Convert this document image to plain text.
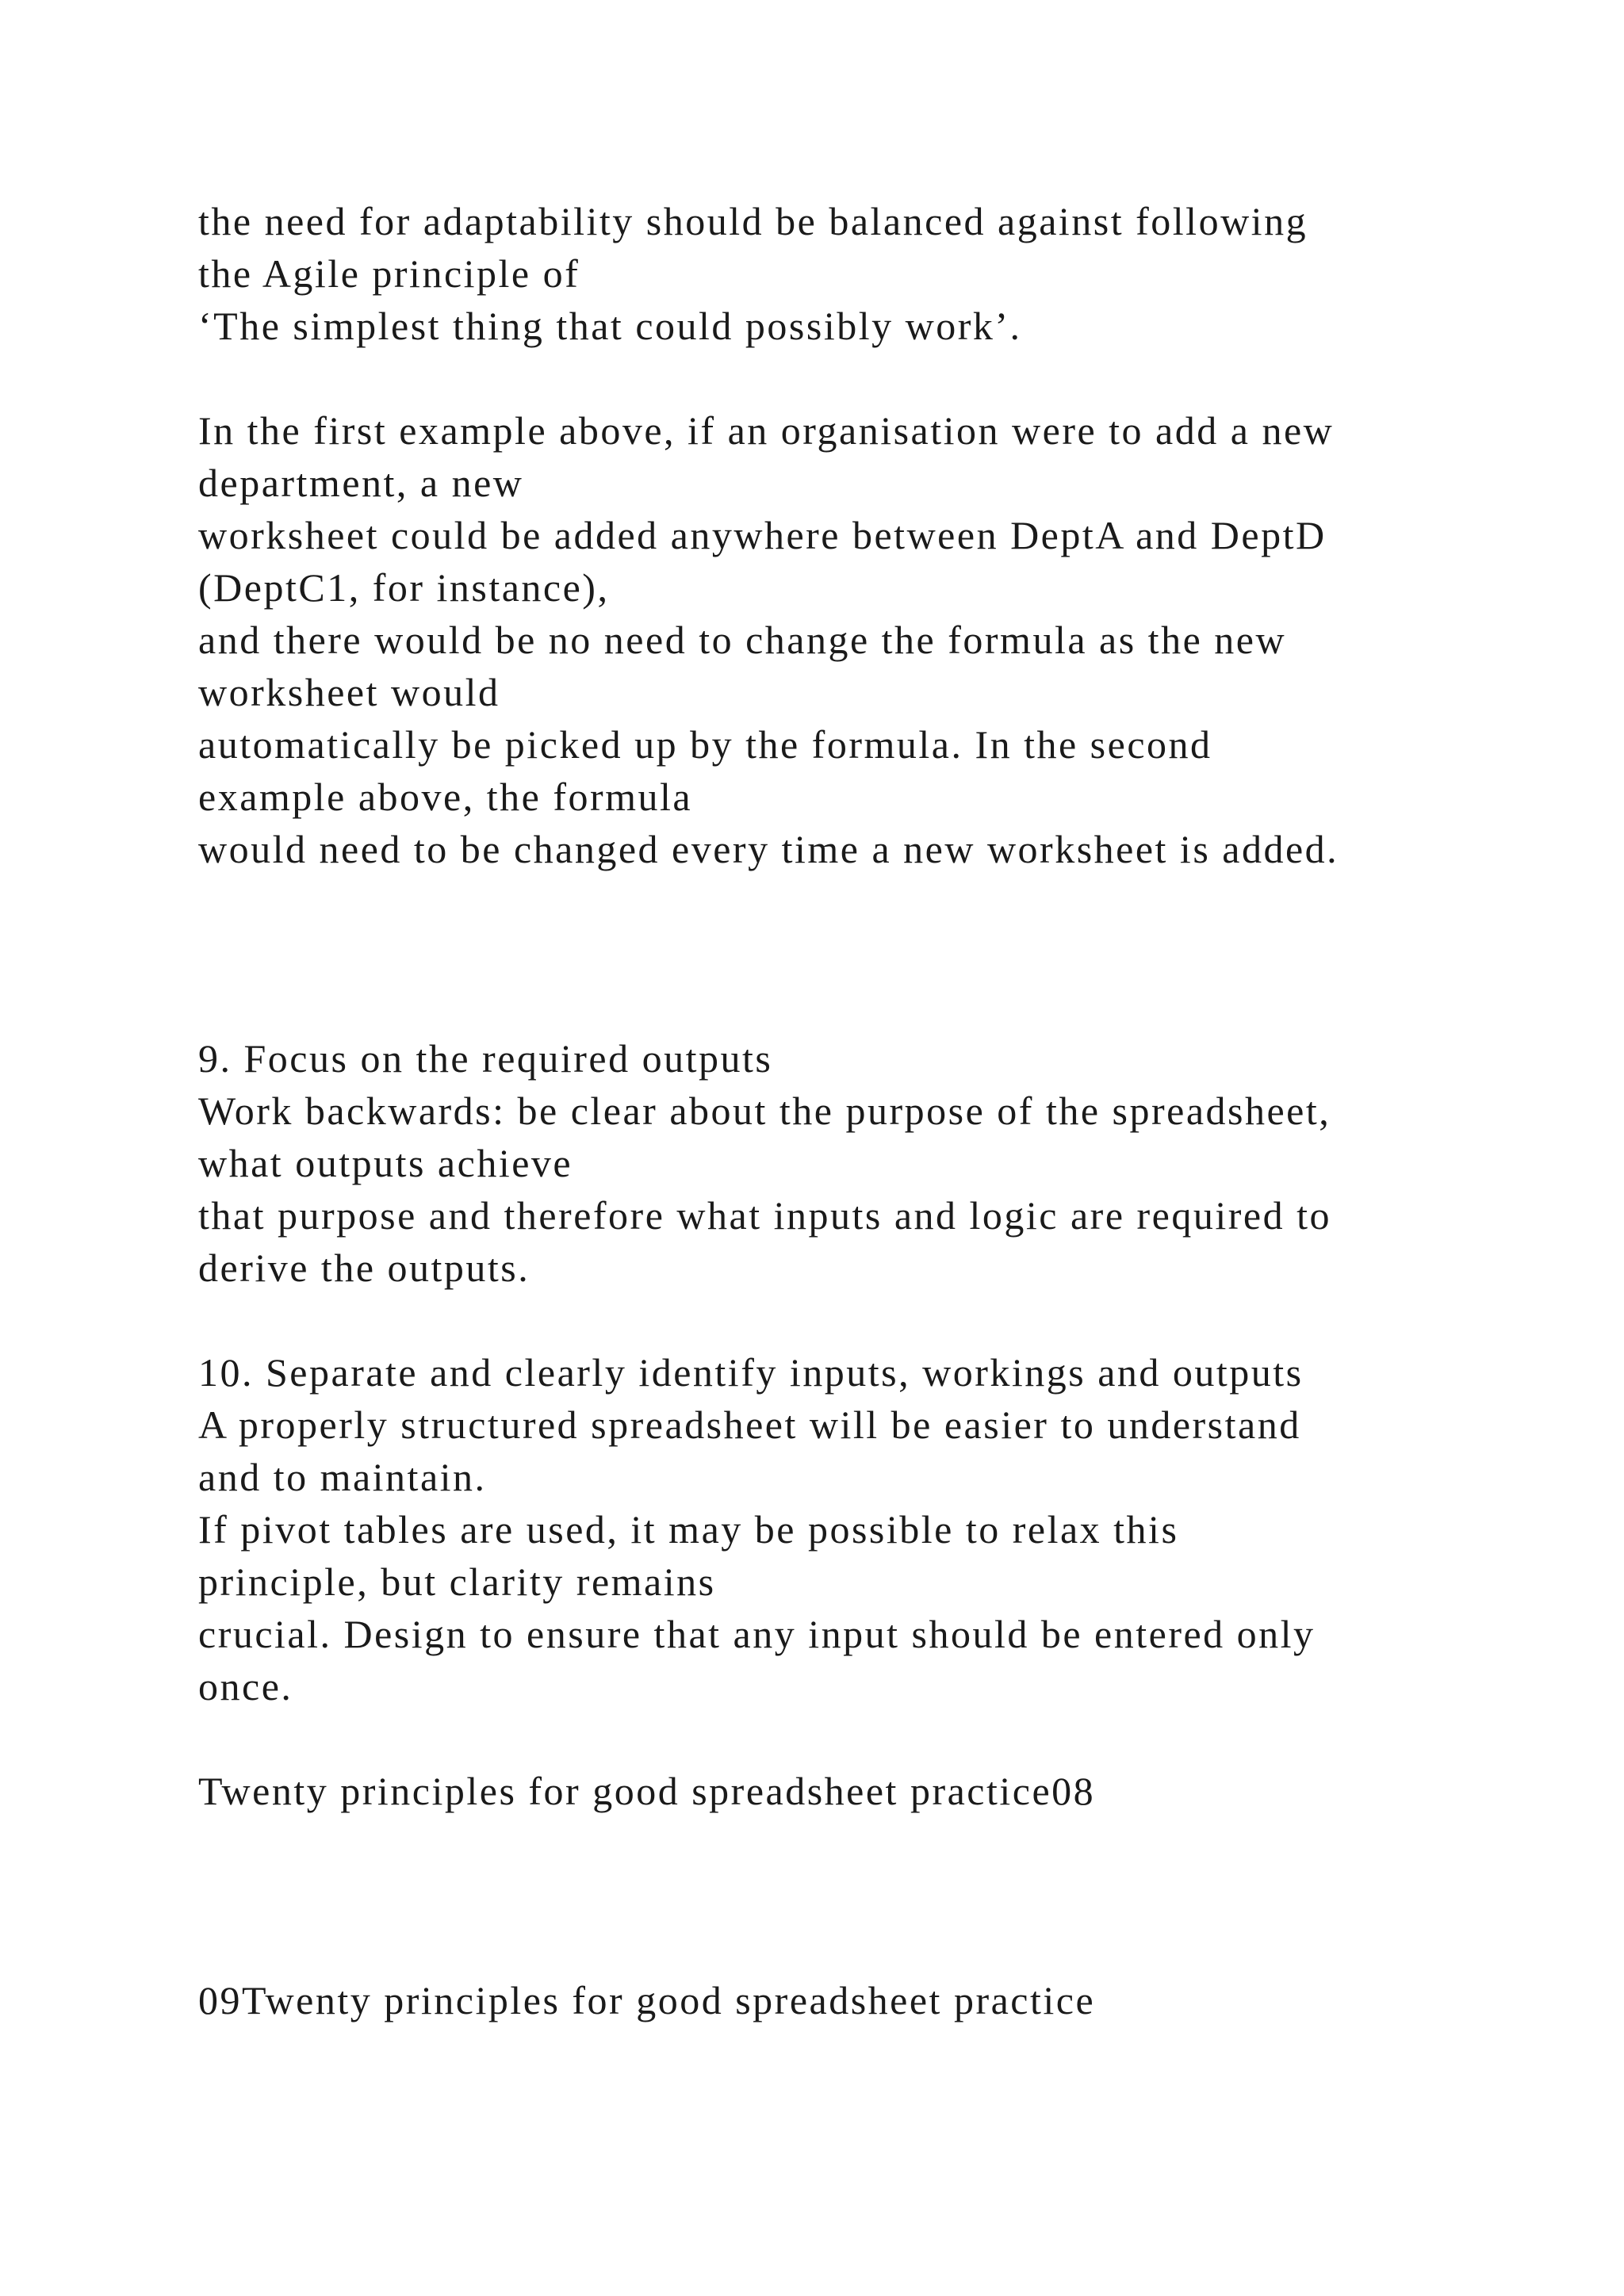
the need for adaptability should be balanced against following
the Agile principle of
‘The simplest thing that could possibly work’.
In the first example above, if an organisation were to add a new
department, a new
worksheet could be added anywhere between DeptA and DeptD
(DeptC1, for instance),
and there would be no need to change the formula as the new
worksheet would
automatically be picked up by the formula. In the second
example above, the formula
would need to be changed every time a new worksheet is added.
9. Focus on the required outputs
Work backwards: be clear about the purpose of the spreadsheet,
what outputs achieve
that purpose and therefore what inputs and logic are required to
derive the outputs.
10. Separate and clearly identify inputs, workings and outputs
A properly structured spreadsheet will be easier to understand
and to maintain.
If pivot tables are used, it may be possible to relax this
principle, but clarity remains
crucial. Design to ensure that any input should be entered only
once.
Twenty principles for good spreadsheet practice08
09Twenty principles for good spreadsheet practice
